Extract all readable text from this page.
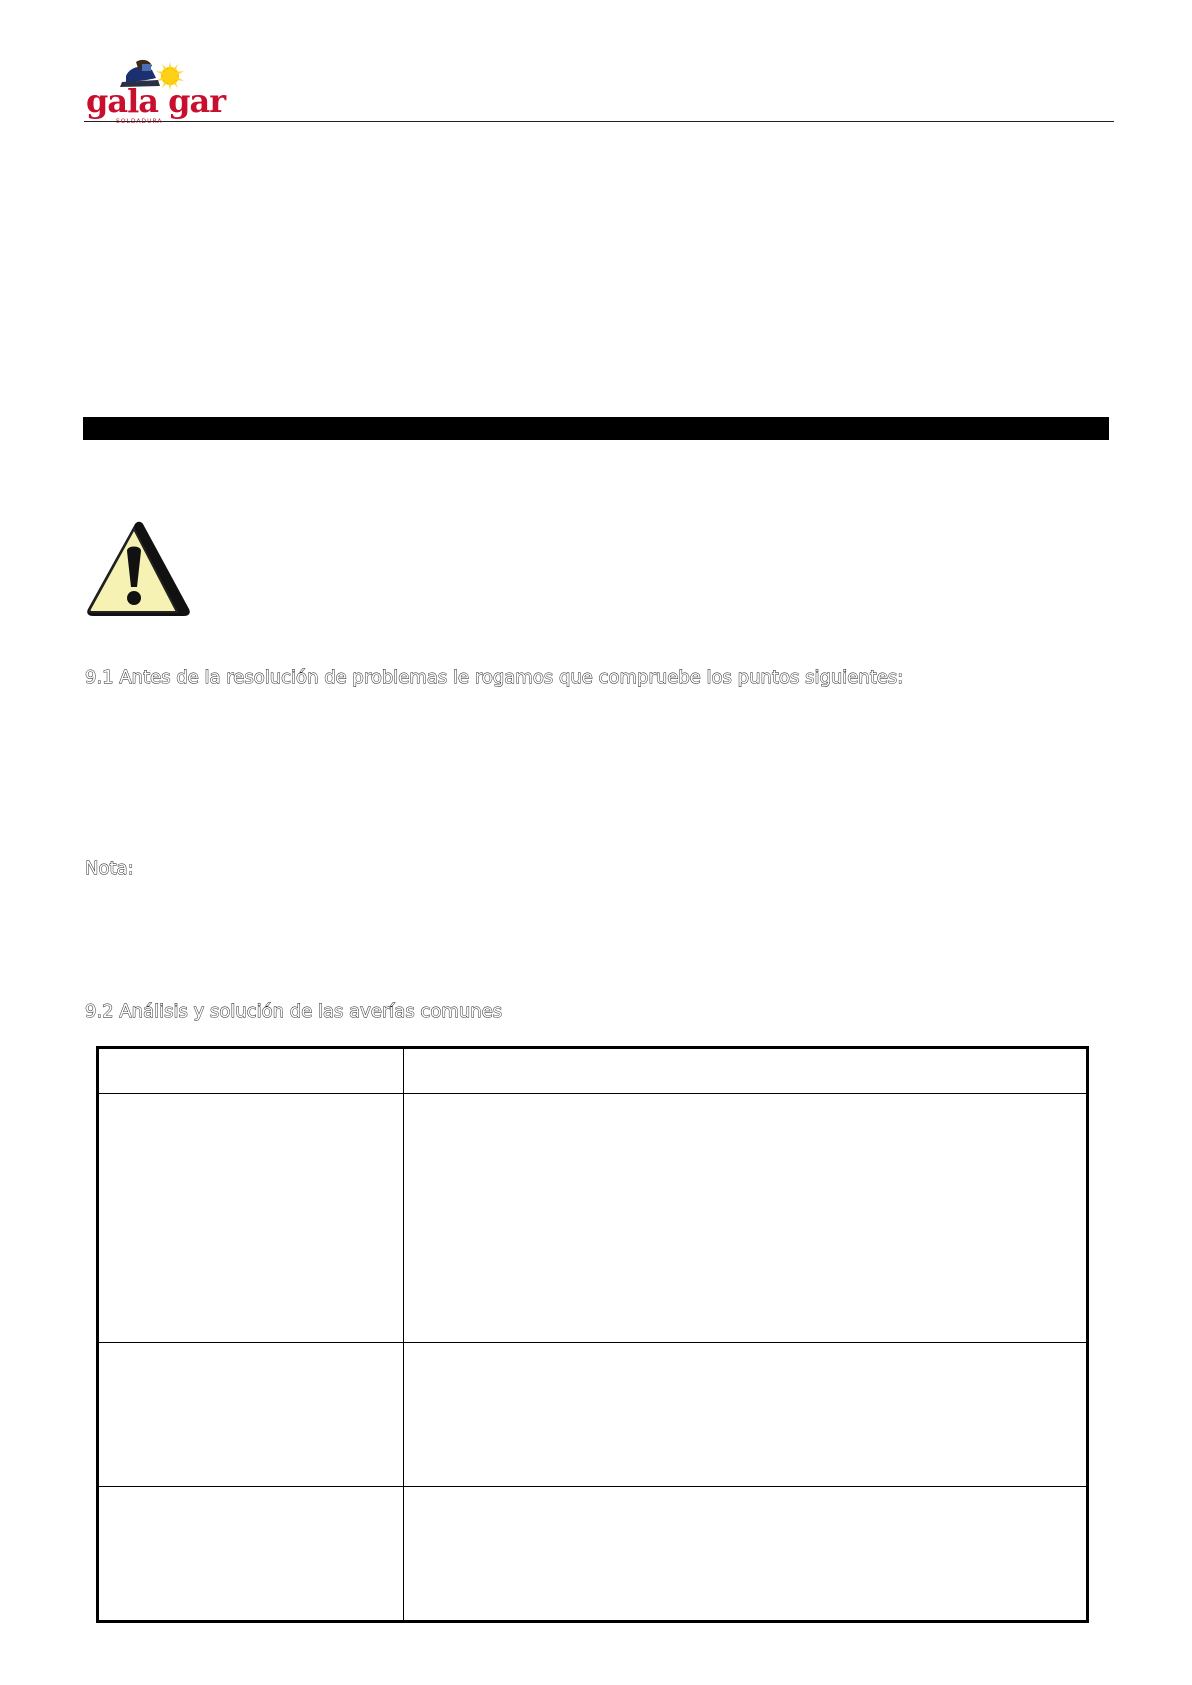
gala gar
SOLDADURA
9.1 Antes de la resolución de problemas le rogamos que compruebe los puntos siguientes:
Nota:
9.2 Análisis y solución de las averías comunes
